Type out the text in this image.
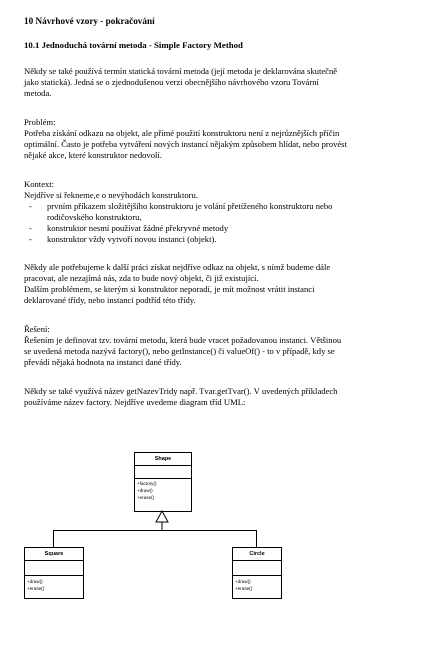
10 Návrhové vzory - pokračování
10.1 Jednoduchá tovární metoda - Simple Factory Method
Někdy se také používá termín statická tovární metoda (její metoda je deklarována skutečně
jako statická). Jedná se o zjednodušenou verzi obecnějšího návrhového vzoru Tovární
metoda.
Problém:
Potřeba získání odkazu na objekt, ale přímé použití konstruktoru není z nejrůznějších příčin
optimální. Často je potřeba vytváření nových instancí nějakým způsobem hlídat, nebo provést
nějaké akce, které konstruktor nedovolí.
Kontext:
Nejdříve si řekneme,e o nevýhodách konstruktoru.
-	prvním příkazem složitějšího konstruktoru je volání přetíženého konstruktoru nebo
rodičovského konstruktoru,
-	konstruktor nesmí používat žádné překryvné metody
-	konstruktor vždy vytvoří novou instanci (objekt).
Někdy ale potřebujeme k další práci získat nejdříve odkaz na objekt, s nímž budeme dále
pracovat, ale nezajímá nás, zda to bude nový objekt, či již existující.
Dalším problémem, se kterým si konstruktor neporadí, je mít možnost vrátit instanci
deklarované třídy, nebo instanci podtříd této třídy.
Řešení:
Řešením je definovat tzv. tovární metodu, která bude vracet požadovanou instanci. Většinou
se uvedená metoda nazývá factory(), nebo getInstance() či valueOf() - to v případě, kdy se
převádí nějaká hodnota na instanci dané třídy.
Někdy se také využívá název getNazevTridy např. Tvar.getTvar(). V uvedených příkladech
používáme název factory. Nejdříve uvedeme diagram tříd UML:
Shape
+factory()
+draw()
+erase()
Square
+draw()
+erase()
Circle
+draw()
+erase()
